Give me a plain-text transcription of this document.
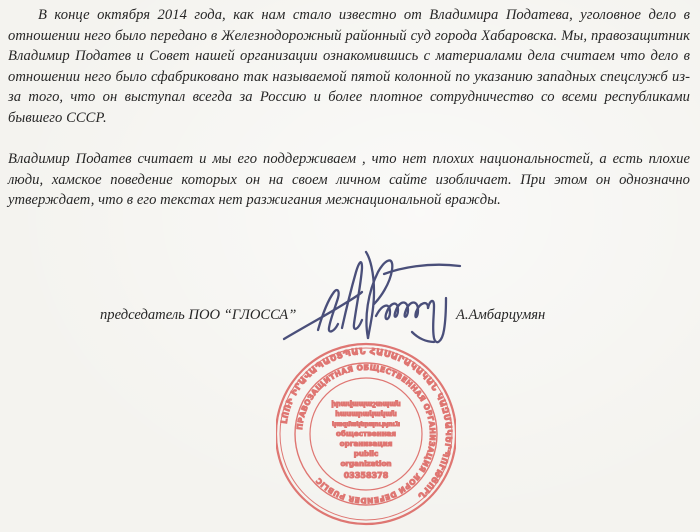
В конце октября 2014 года, как нам стало известно от Владимира Податева, уголовное дело в отношении него было передано в Железнодорожный районный суд города Хабаровска. Мы, правозащитник Владимир Податев и Совет нашей организации ознакомившись с материалами дела считаем что дело в отношении него было сфабриковано так называемой пятой колонной по указанию западных спецслужб из-за того, что он выступал всегда за Россию и более плотное сотрудничество со всеми республиками бывшего СССР.

Владимир Податев считает и мы его поддерживаем , что нет плохих национальностей, а есть плохие люди, хамское поведение которых он на своем личном сайте изобличает. При этом он однозначно утверждает, что в его текстах нет разжигания межнациональной вражды.

председатель ПОО “ГЛОССА”	А.Амбарцумян
ԼՈՌԻ ԻՐԱՎԱՊԱՇՏՊԱՆ ՀԱՍԱՐԱԿԱԿԱՆ ԿԱԶՄԱԿԵՐՊՈՒԹՅՈՒՆ
ПРАВОЗАЩИТНАЯ ОБЩЕСТВЕННАЯ ОРГАНИЗАЦИЯ ЛОРИ DEFENDER PUBLIC
իրավապաշտպան
հասարակական
կազմակերպություն
общественная
организация
public
organization
03358378
